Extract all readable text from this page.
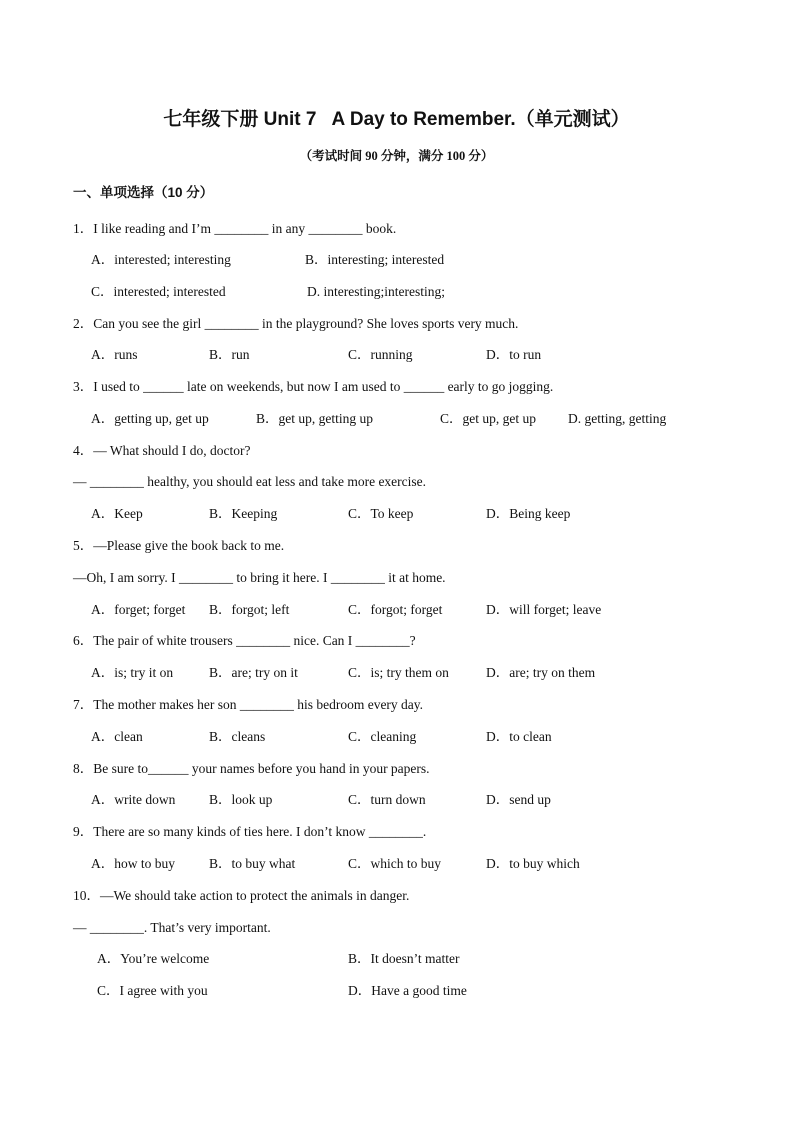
七年级下册 Unit 7   A Day to Remember.（单元测试）
（考试时间 90 分钟，满分 100 分）
一、单项选择（10 分）
1．I like reading and I’m ________ in any ________ book.
A．interested; interesting	B．interesting; interested
C．interested; interested	D. interesting;interesting;
2．Can you see the girl ________ in the playground? She loves sports very much.
A．runs	B．run	C．running	D．to run
3．I used to ______ late on weekends, but now I am used to ______ early to go jogging.
A．getting up, get up	B．get up, getting up	C．get up, get up D. getting, getting
4．— What should I do, doctor?
— ________ healthy, you should eat less and take more exercise.
A．Keep	B．Keeping	C．To keep	D．Being keep
5．—Please give the book back to me.
—Oh, I am sorry. I ________ to bring it here. I ________ it at home.
A．forget; forget B．forgot; left	C．forgot; forget	D．will forget; leave
6．The pair of white trousers ________ nice. Can I ________?
A．is; try it on	B．are; try on it	C．is; try them on	D．are; try on them
7．The mother makes her son ________ his bedroom every day.
A．clean	B．cleans	C．cleaning	D．to clean
8．Be sure to______ your names before you hand in your papers.
A．write down B．look up	C．turn down	D．send up
9．There are so many kinds of ties here. I don’t know ________.
A．how to buy	B．to buy what	C．which to buy	D．to buy which
10．—We should take action to protect the animals in danger.
— ________. That’s very important.
A．You’re welcome	B．It doesn’t matter
C．I agree with you	D．Have a good time
